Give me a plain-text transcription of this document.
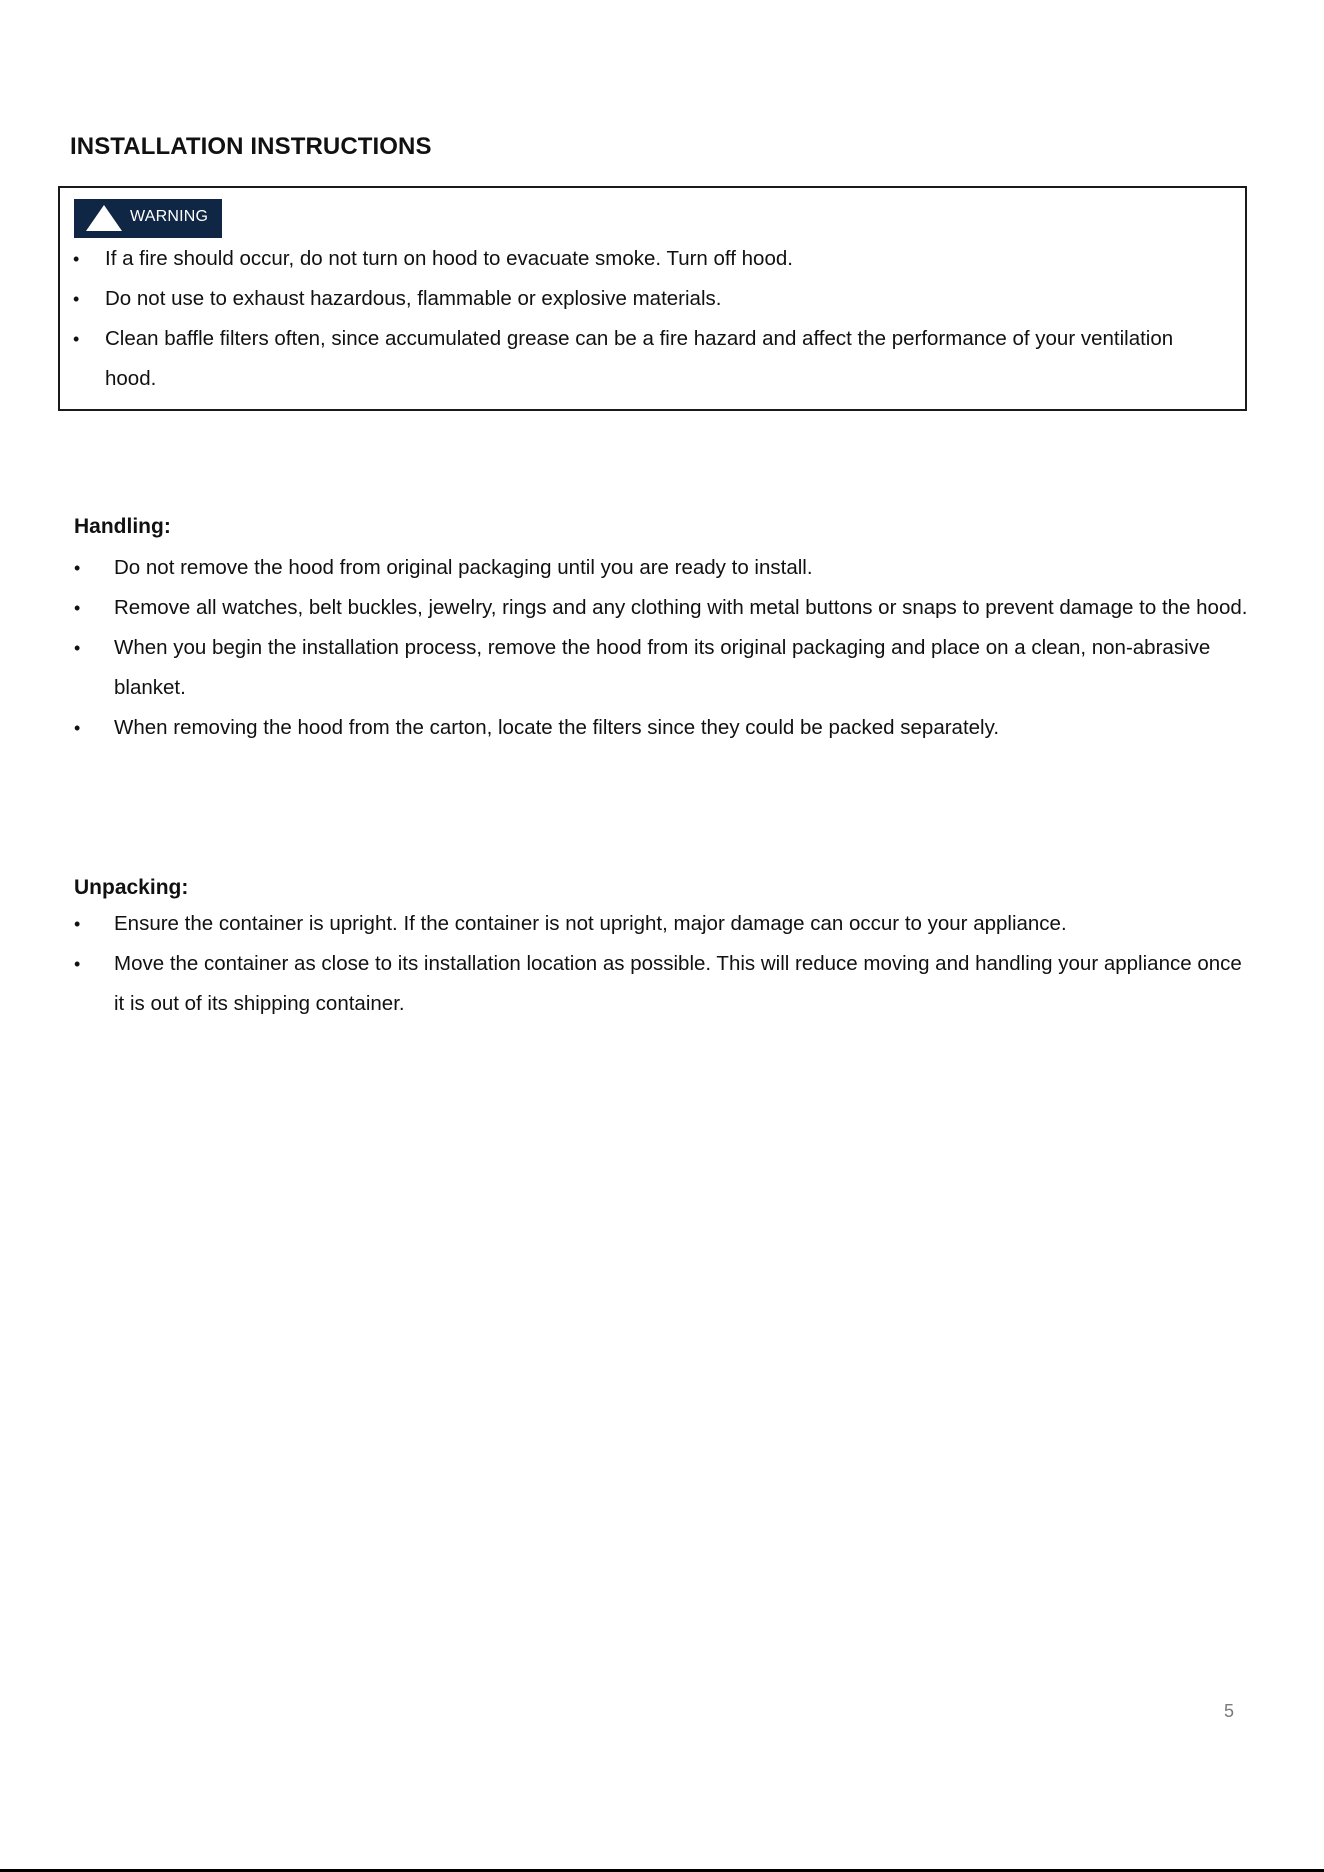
INSTALLATION INSTRUCTIONS
WARNING
• If a fire should occur, do not turn on hood to evacuate smoke. Turn off hood.
• Do not use to exhaust hazardous, flammable or explosive materials.
• Clean baffle filters often, since accumulated grease can be a fire hazard and affect the performance of your ventilation hood.
Handling:
• Do not remove the hood from original packaging until you are ready to install.
• Remove all watches, belt buckles, jewelry, rings and any clothing with metal buttons or snaps to prevent damage to the hood.
• When you begin the installation process, remove the hood from its original packaging and place on a clean, non-abrasive blanket.
• When removing the hood from the carton, locate the filters since they could be packed separately.
Unpacking:
• Ensure the container is upright. If the container is not upright, major damage can occur to your appliance.
• Move the container as close to its installation location as possible. This will reduce moving and handling your appliance once it is out of its shipping container.
5
